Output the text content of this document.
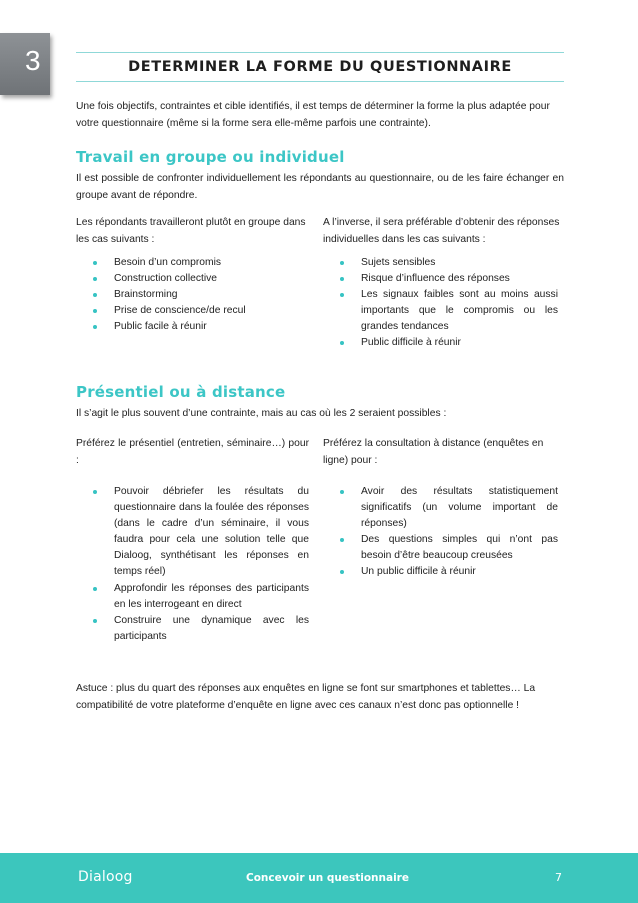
3	DETERMINER LA FORME DU QUESTIONNAIRE
Une fois objectifs, contraintes et cible identifiés, il est temps de déterminer la forme la plus adaptée pour votre questionnaire (même si la forme sera elle-même parfois une contrainte).
Travail en groupe ou individuel
Il est possible de confronter individuellement les répondants au questionnaire, ou de les faire échanger en groupe avant de répondre.
Les répondants travailleront plutôt en groupe dans les cas suivants :
A l’inverse, il sera préférable d’obtenir des réponses individuelles dans les cas suivants :
Besoin d’un compromis
Construction collective
Brainstorming
Prise de conscience/de recul
Public facile à réunir
Sujets sensibles
Risque d’influence des réponses
Les signaux faibles sont au moins aussi importants que le compromis ou les grandes tendances
Public difficile à réunir
Présentiel ou à distance
Il s’agit le plus souvent d’une contrainte, mais au cas où les 2 seraient possibles :
Préférez le présentiel (entretien, séminaire…) pour :
Préférez la consultation à distance (enquêtes en ligne) pour :
Pouvoir débriefer les résultats du questionnaire dans la foulée des réponses (dans le cadre d’un séminaire, il vous faudra pour cela une solution telle que Dialoog, synthétisant les réponses en temps réel)
Approfondir les réponses des participants en les interrogeant en direct
Construire une dynamique avec les participants
Avoir des résultats statistiquement significatifs (un volume important de réponses)
Des questions simples qui n’ont pas besoin d’être beaucoup creusées
Un public difficile à réunir
Astuce : plus du quart des réponses aux enquêtes en ligne se font sur smartphones et tablettes… La compatibilité de votre plateforme d’enquête en ligne avec ces canaux n’est donc pas optionnelle !
Dialoog	Concevoir un questionnaire	7
